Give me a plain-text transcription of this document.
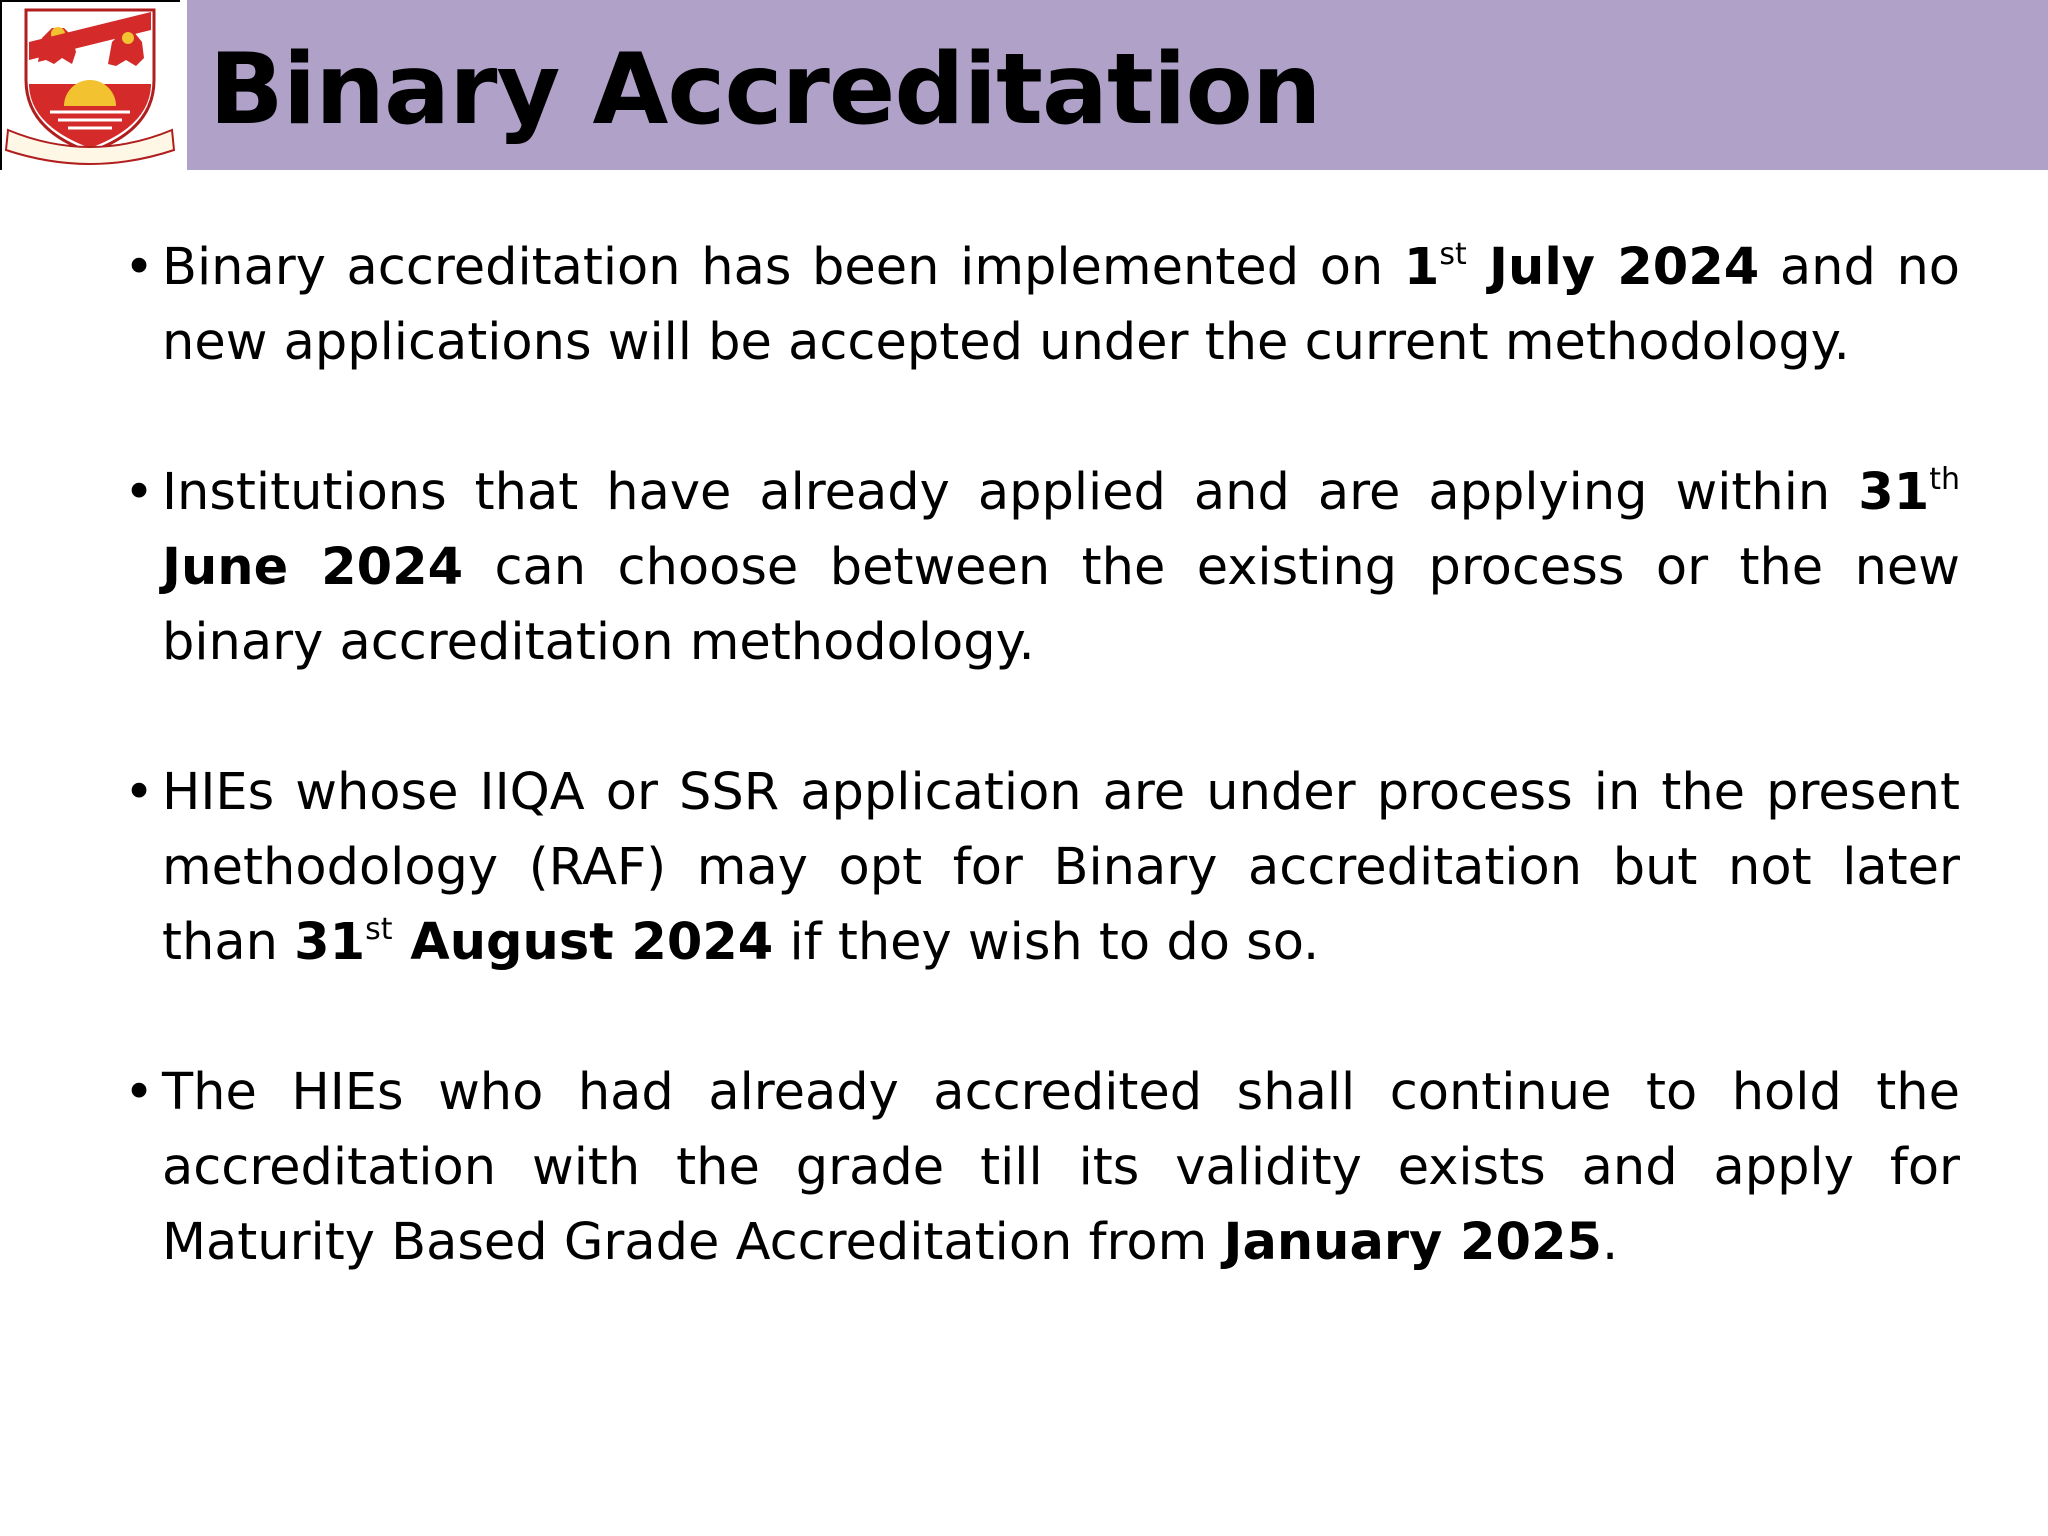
Binary Accreditation
• Binary accreditation has been implemented on 1st July 2024 and no new applications will be accepted under the current methodology.
• Institutions that have already applied and are applying within 31th June 2024 can choose between the existing process or the new binary accreditation methodology.
• HIEs whose IIQA or SSR application are under process in the present methodology (RAF) may opt for Binary accreditation but not later than 31st August 2024 if they wish to do so.
• The HIEs who had already accredited shall continue to hold the accreditation with the grade till its validity exists and apply for Maturity Based Grade Accreditation from January 2025.
